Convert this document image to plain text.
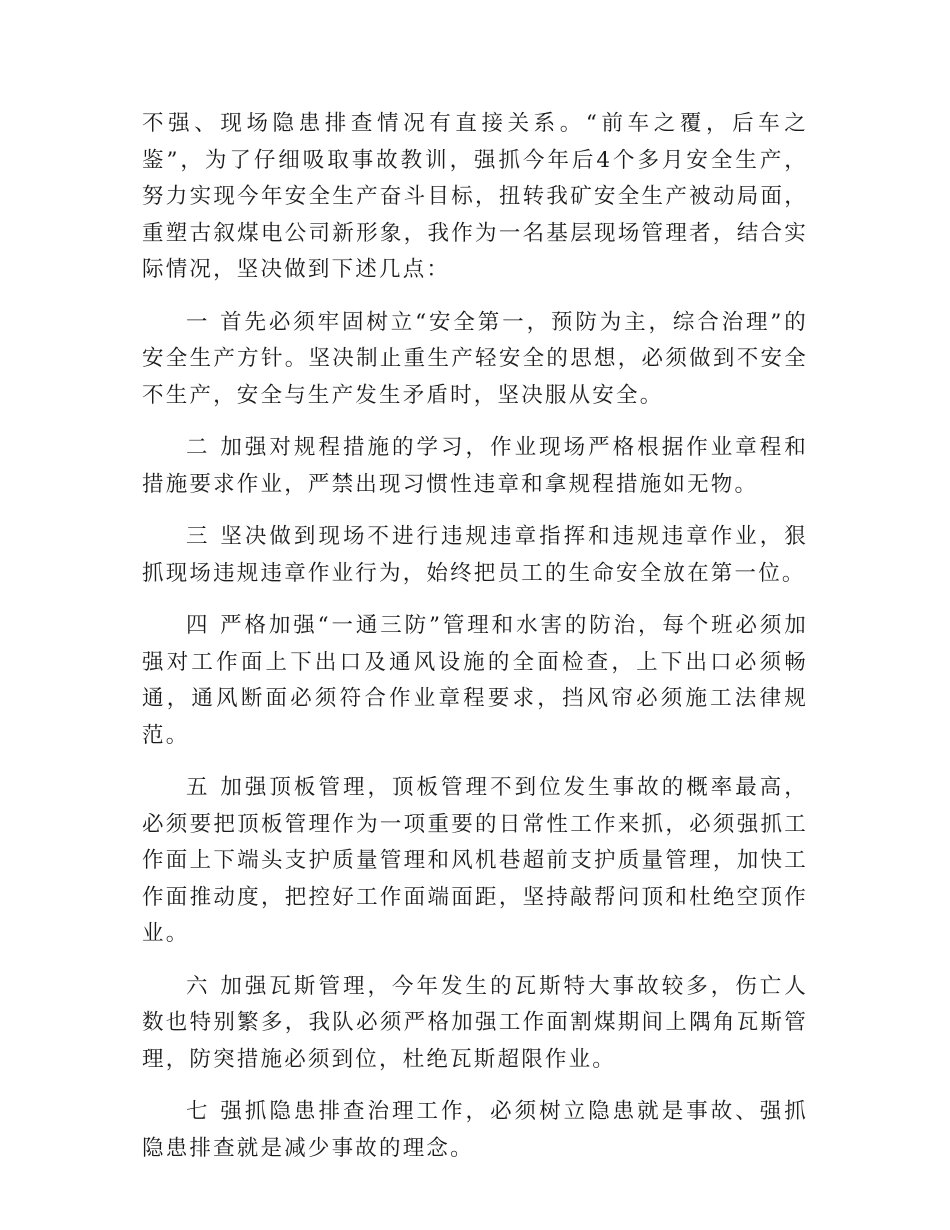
不强、现场隐患排查情况有直接关系。“前车之覆，后车之鉴”，为了仔细吸取事故教训，强抓今年后4个多月安全生产，努力实现今年安全生产奋斗目标，扭转我矿安全生产被动局面，重塑古叙煤电公司新形象，我作为一名基层现场管理者，结合实际情况，坚决做到下述几点：

一 首先必须牢固树立“安全第一，预防为主，综合治理”的安全生产方针。坚决制止重生产轻安全的思想，必须做到不安全不生产，安全与生产发生矛盾时，坚决服从安全。

二 加强对规程措施的学习，作业现场严格根据作业章程和措施要求作业，严禁出现习惯性违章和拿规程措施如无物。

三 坚决做到现场不进行违规违章指挥和违规违章作业，狠抓现场违规违章作业行为，始终把员工的生命安全放在第一位。

四 严格加强“一通三防”管理和水害的防治，每个班必须加强对工作面上下出口及通风设施的全面检查，上下出口必须畅通，通风断面必须符合作业章程要求，挡风帘必须施工法律规范。

五 加强顶板管理，顶板管理不到位发生事故的概率最高，必须要把顶板管理作为一项重要的日常性工作来抓，必须强抓工作面上下端头支护质量管理和风机巷超前支护质量管理，加快工作面推动度，把控好工作面端面距，坚持敲帮问顶和杜绝空顶作业。

六 加强瓦斯管理，今年发生的瓦斯特大事故较多，伤亡人数也特别繁多，我队必须严格加强工作面割煤期间上隅角瓦斯管理，防突措施必须到位，杜绝瓦斯超限作业。

七 强抓隐患排查治理工作，必须树立隐患就是事故、强抓隐患排查就是减少事故的理念。
